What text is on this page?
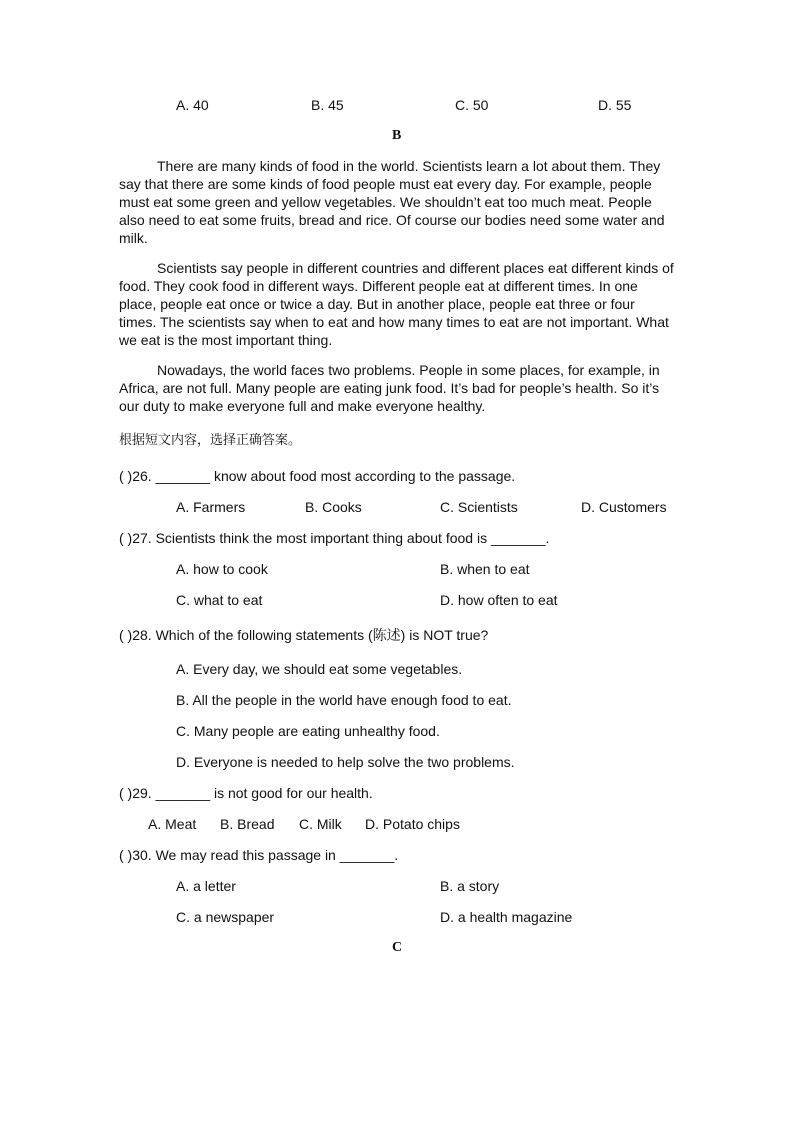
A. 40	B. 45	C. 50	D. 55
B

There are many kinds of food in the world. Scientists learn a lot about them. They say that there are some kinds of food people must eat every day. For example, people must eat some green and yellow vegetables. We shouldn’t eat too much meat. People also need to eat some fruits, bread and rice. Of course our bodies need some water and milk.

Scientists say people in different countries and different places eat different kinds of food. They cook food in different ways. Different people eat at different times. In one place, people eat once or twice a day. But in another place, people eat three or four times. The scientists say when to eat and how many times to eat are not important. What we eat is the most important thing.

Nowadays, the world faces two problems. People in some places, for example, in Africa, are not full. Many people are eating junk food. It’s bad for people’s health. So it’s our duty to make everyone full and make everyone healthy.

根据短文内容，选择正确答案。
( )26. _______ know about food most according to the passage.
A. Farmers	B. Cooks	C. Scientists	D. Customers
( )27. Scientists think the most important thing about food is _______.
A. how to cook	B. when to eat
C. what to eat	D. how often to eat
( )28. Which of the following statements (陈述) is NOT true?
A. Every day, we should eat some vegetables.
B. All the people in the world have enough food to eat.
C. Many people are eating unhealthy food.
D. Everyone is needed to help solve the two problems.
( )29. _______ is not good for our health.
A. Meat B. Bread C. Milk D. Potato chips
( )30. We may read this passage in _______.
A. a letter	B. a story
C. a newspaper	D. a health magazine
C
